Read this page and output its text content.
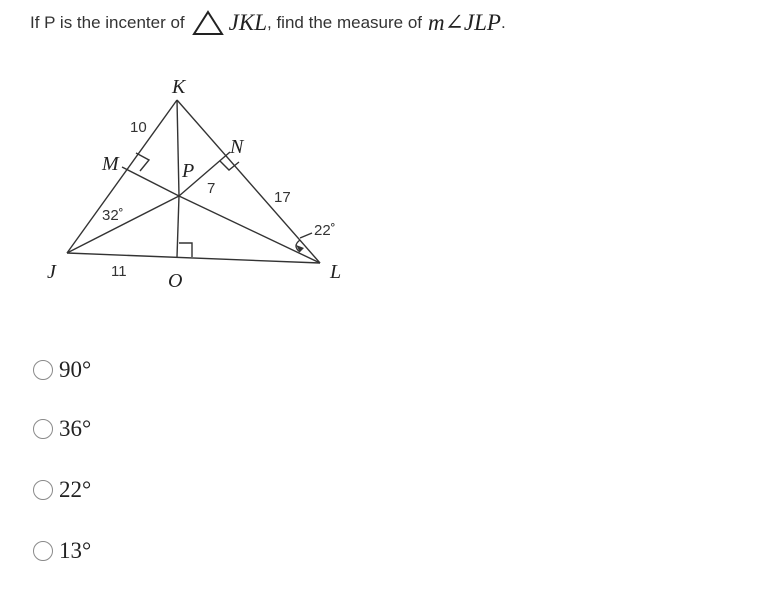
If P is the incenter of JKL , find the measure of m∠JLP .
K
M
N
P
J	O	L
10
7
17
11
32˚
22˚
90°
36°
22°
13°
